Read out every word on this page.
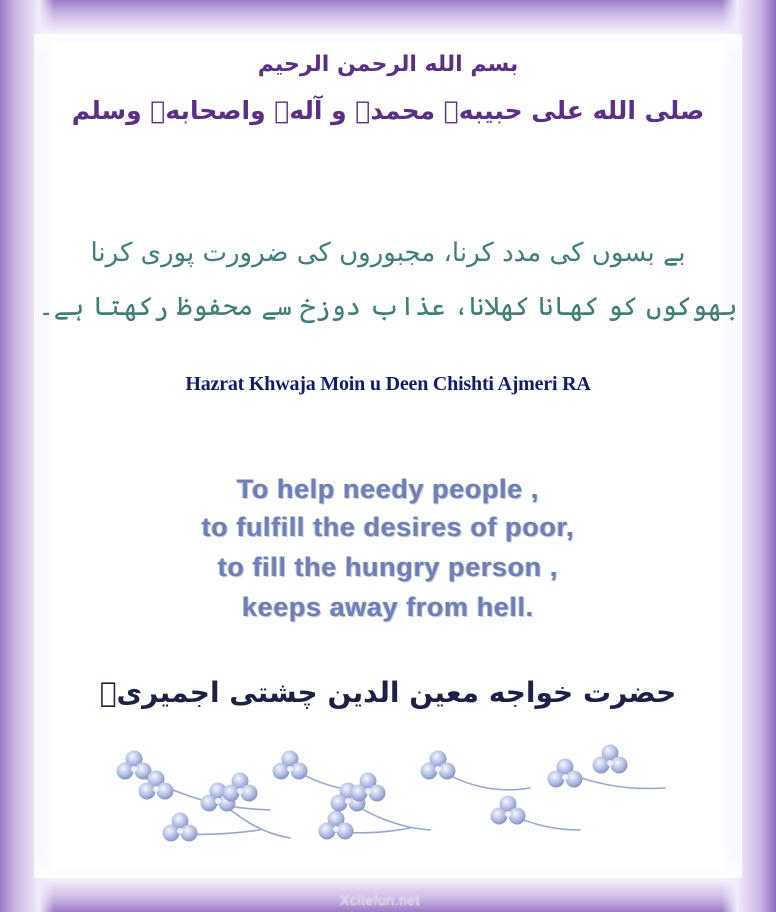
بسم الله الرحمن الرحیم
صلی الله علی حبیبهٖ محمدﷺ و آلهٖ واصحابهٖ وسلم
بے بسوں کی مدد کرنا، مجبوروں کی ضرورت پوری کرنا
بھوکوں کو کھانا کھلانا، عذاب دوزخ سے محفوظ رکھتا ہے۔
Hazrat Khwaja Moin u Deen Chishti Ajmeri RA
To help needy people ,
to fulfill the desires of poor,
to fill the hungry person ,
keeps away from hell.
حضرت خواجه معین الدین چشتی اجمیریؒ
Xcitefun.net
